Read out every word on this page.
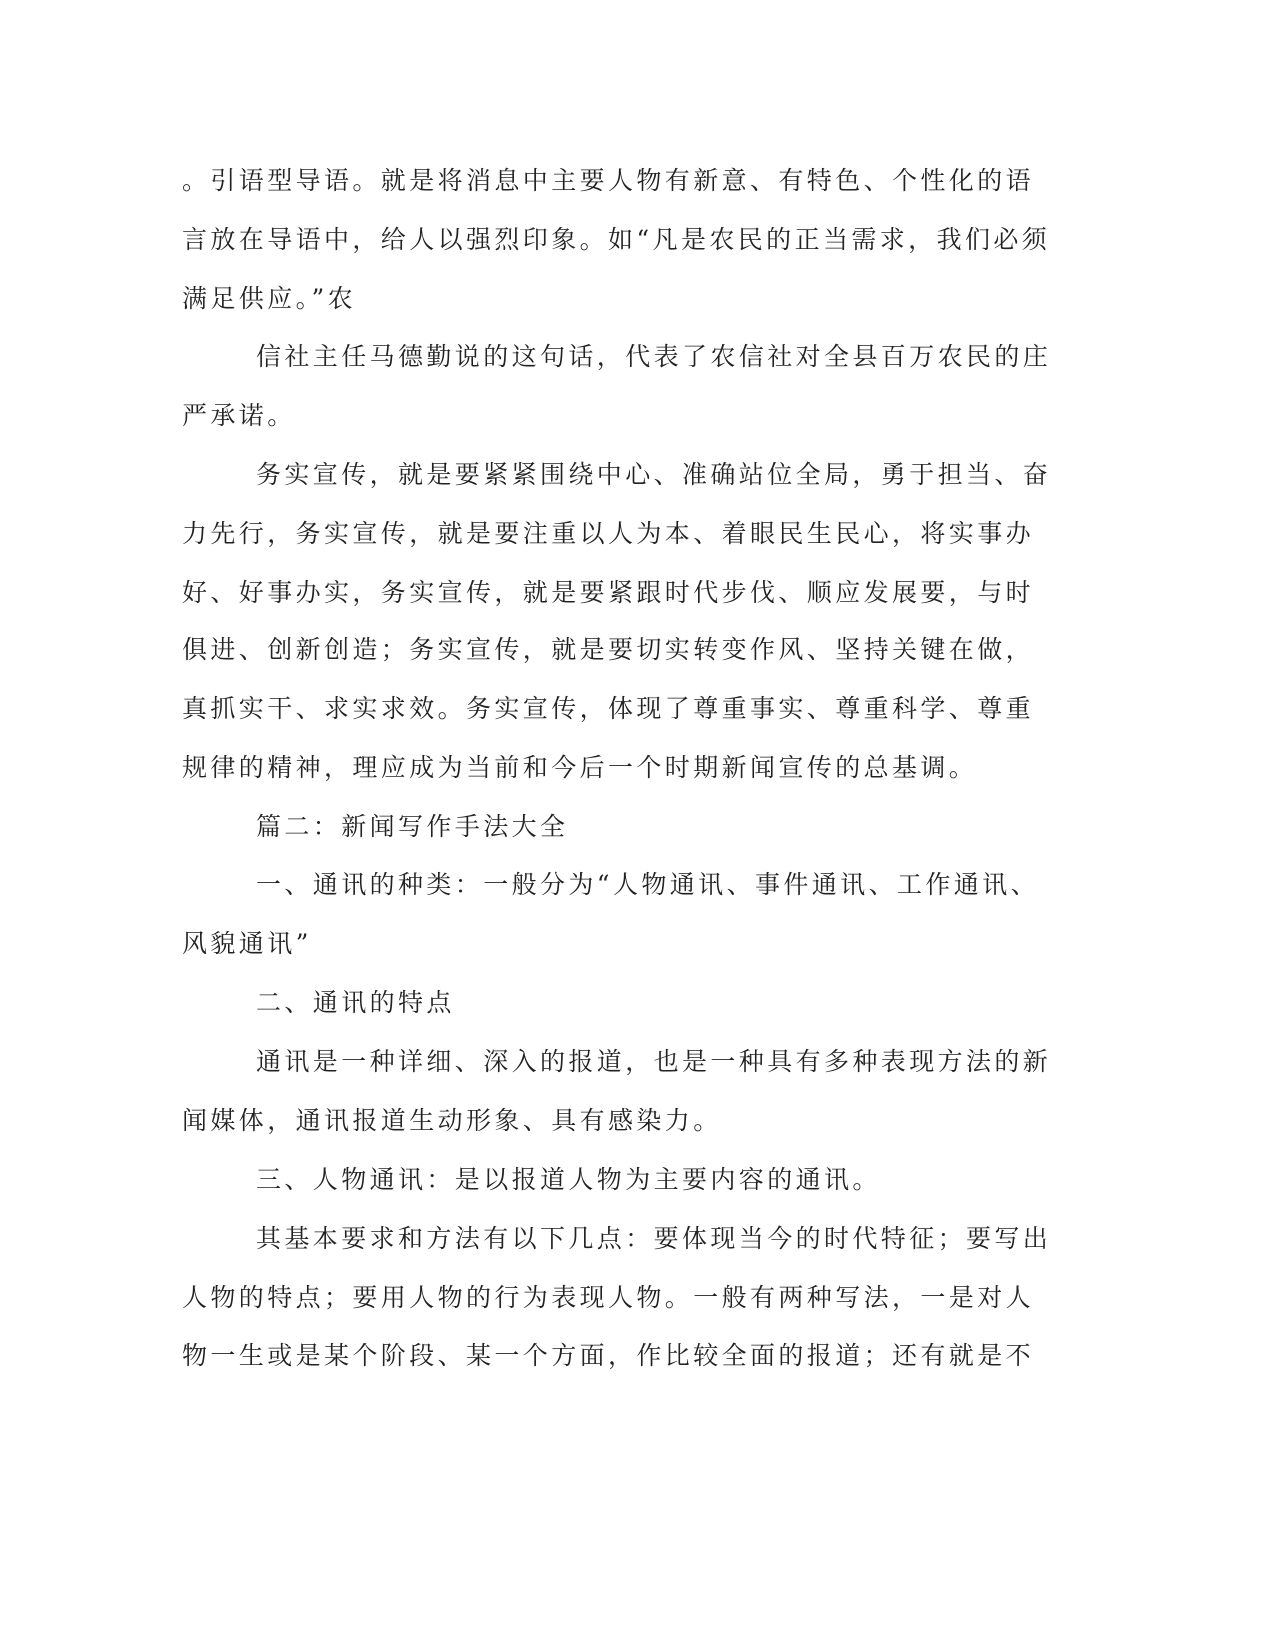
。引语型导语。就是将消息中主要人物有新意、有特色、个性化的语
言放在导语中，给人以强烈印象。如“凡是农民的正当需求，我们必须
满足供应。”农
信社主任马德勤说的这句话，代表了农信社对全县百万农民的庄
严承诺。
务实宣传，就是要紧紧围绕中心、准确站位全局，勇于担当、奋
力先行，务实宣传，就是要注重以人为本、着眼民生民心，将实事办
好、好事办实，务实宣传，就是要紧跟时代步伐、顺应发展要，与时
俱进、创新创造；务实宣传，就是要切实转变作风、坚持关键在做，
真抓实干、求实求效。务实宣传，体现了尊重事实、尊重科学、尊重
规律的精神，理应成为当前和今后一个时期新闻宣传的总基调。
篇二：新闻写作手法大全
一、通讯的种类：一般分为“人物通讯、事件通讯、工作通讯、
风貌通讯”
二、通讯的特点
通讯是一种详细、深入的报道，也是一种具有多种表现方法的新
闻媒体，通讯报道生动形象、具有感染力。
三、人物通讯：是以报道人物为主要内容的通讯。
其基本要求和方法有以下几点：要体现当今的时代特征；要写出
人物的特点；要用人物的行为表现人物。一般有两种写法，一是对人
物一生或是某个阶段、某一个方面，作比较全面的报道；还有就是不
